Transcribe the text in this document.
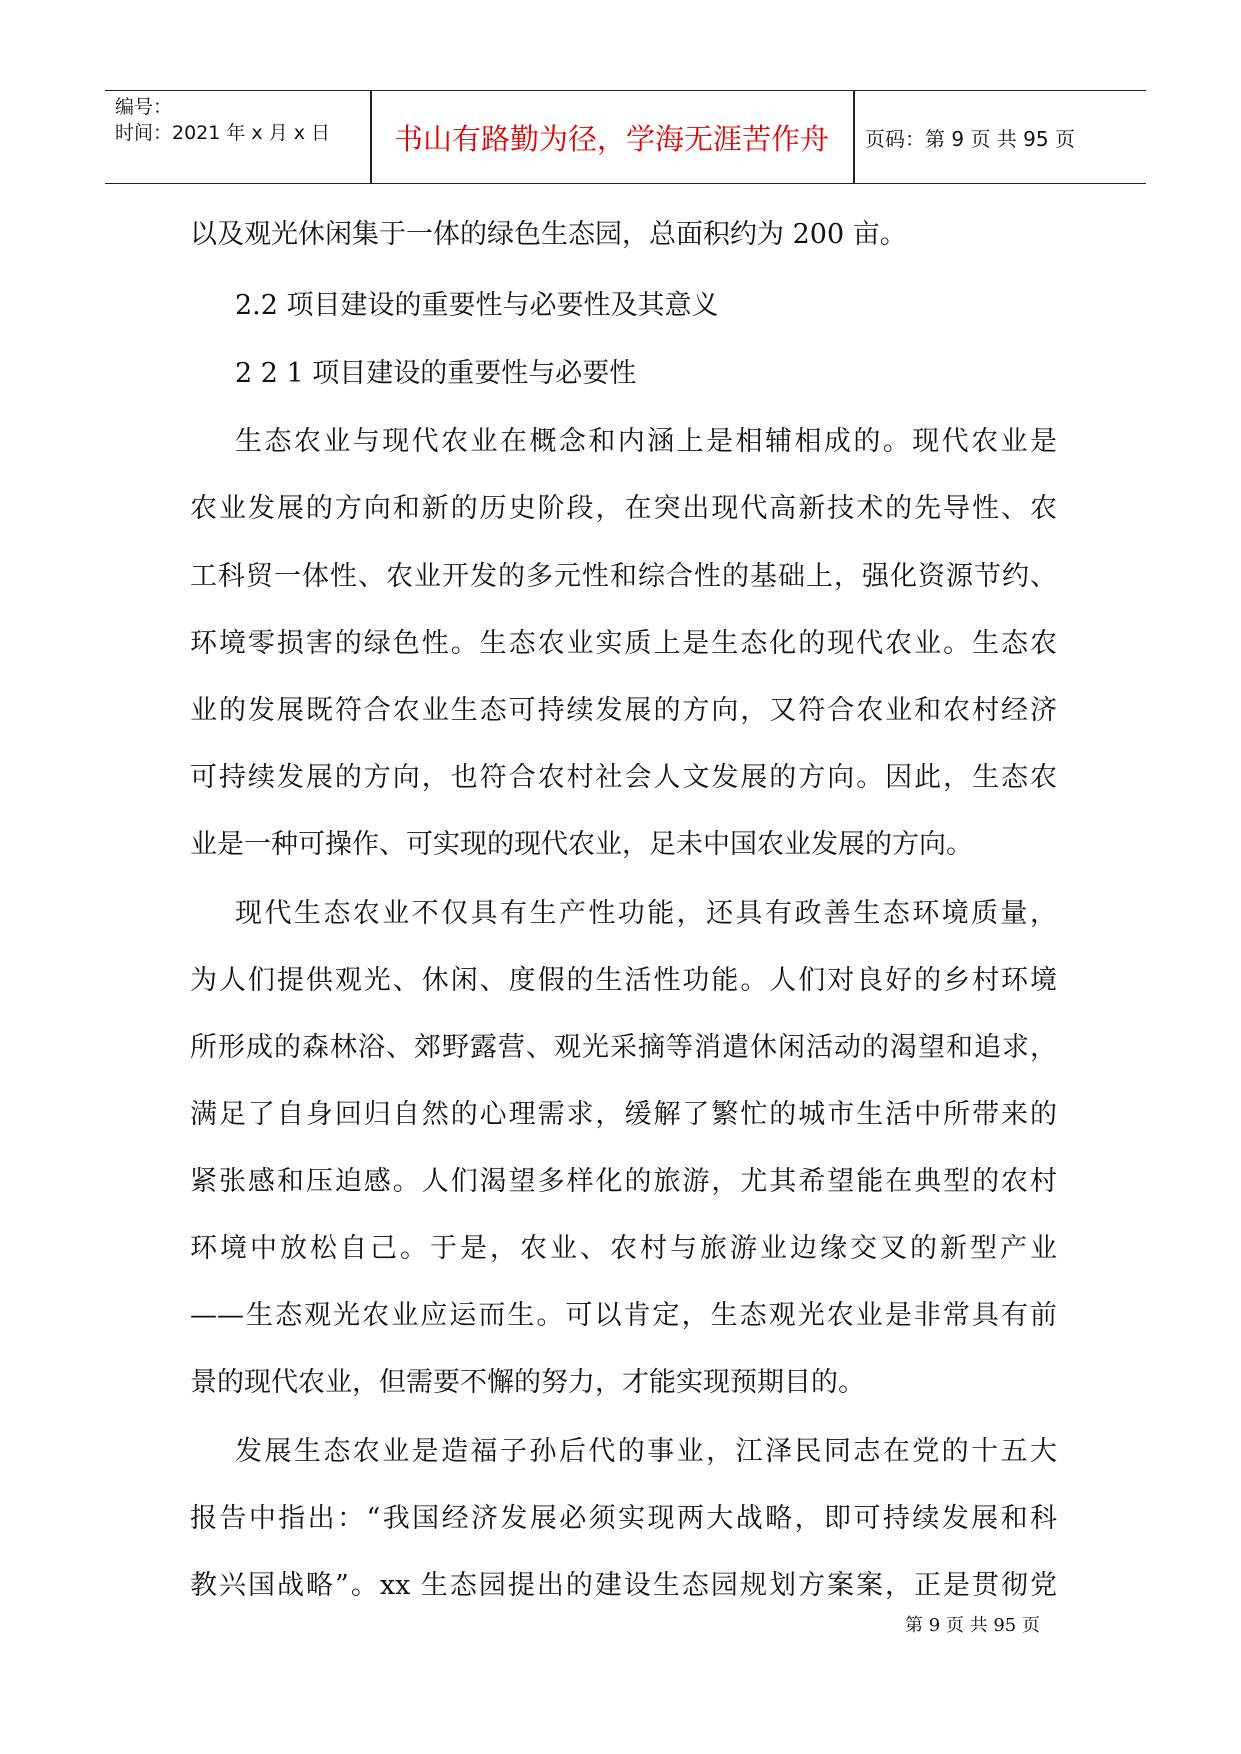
编号：
时间：2021 年 x 月 x 日	书山有路勤为径，学海无涯苦作舟	页码：第 9 页 共 95 页
以及观光休闲集于一体的绿色生态园，总面积约为 200 亩。
2.2 项目建设的重要性与必要性及其意义
2 2 1 项目建设的重要性与必要性
生态农业与现代农业在概念和内涵上是相辅相成的。现代农业是
农业发展的方向和新的历史阶段，在突出现代高新技术的先导性、农
工科贸一体性、农业开发的多元性和综合性的基础上，强化资源节约、
环境零损害的绿色性。生态农业实质上是生态化的现代农业。生态农
业的发展既符合农业生态可持续发展的方向，又符合农业和农村经济
可持续发展的方向，也符合农村社会人文发展的方向。因此，生态农
业是一种可操作、可实现的现代农业，足未中国农业发展的方向。
现代生态农业不仅具有生产性功能，还具有政善生态环境质量，
为人们提供观光、休闲、度假的生活性功能。人们对良好的乡村环境
所形成的森林浴、郊野露营、观光采摘等消遣休闲活动的渴望和追求，
满足了自身回归自然的心理需求，缓解了繁忙的城市生活中所带来的
紧张感和压迫感。人们渴望多样化的旅游，尤其希望能在典型的农村
环境中放松自己。于是，农业、农村与旅游业边缘交叉的新型产业
——生态观光农业应运而生。可以肯定，生态观光农业是非常具有前
景的现代农业，但需要不懈的努力，才能实现预期目的。
发展生态农业是造福子孙后代的事业，江泽民同志在党的十五大
报告中指出：“我国经济发展必须实现两大战略，即可持续发展和科
教兴国战略”。xx 生态园提出的建设生态园规划方案案，正是贯彻党
第 9 页 共 95 页
